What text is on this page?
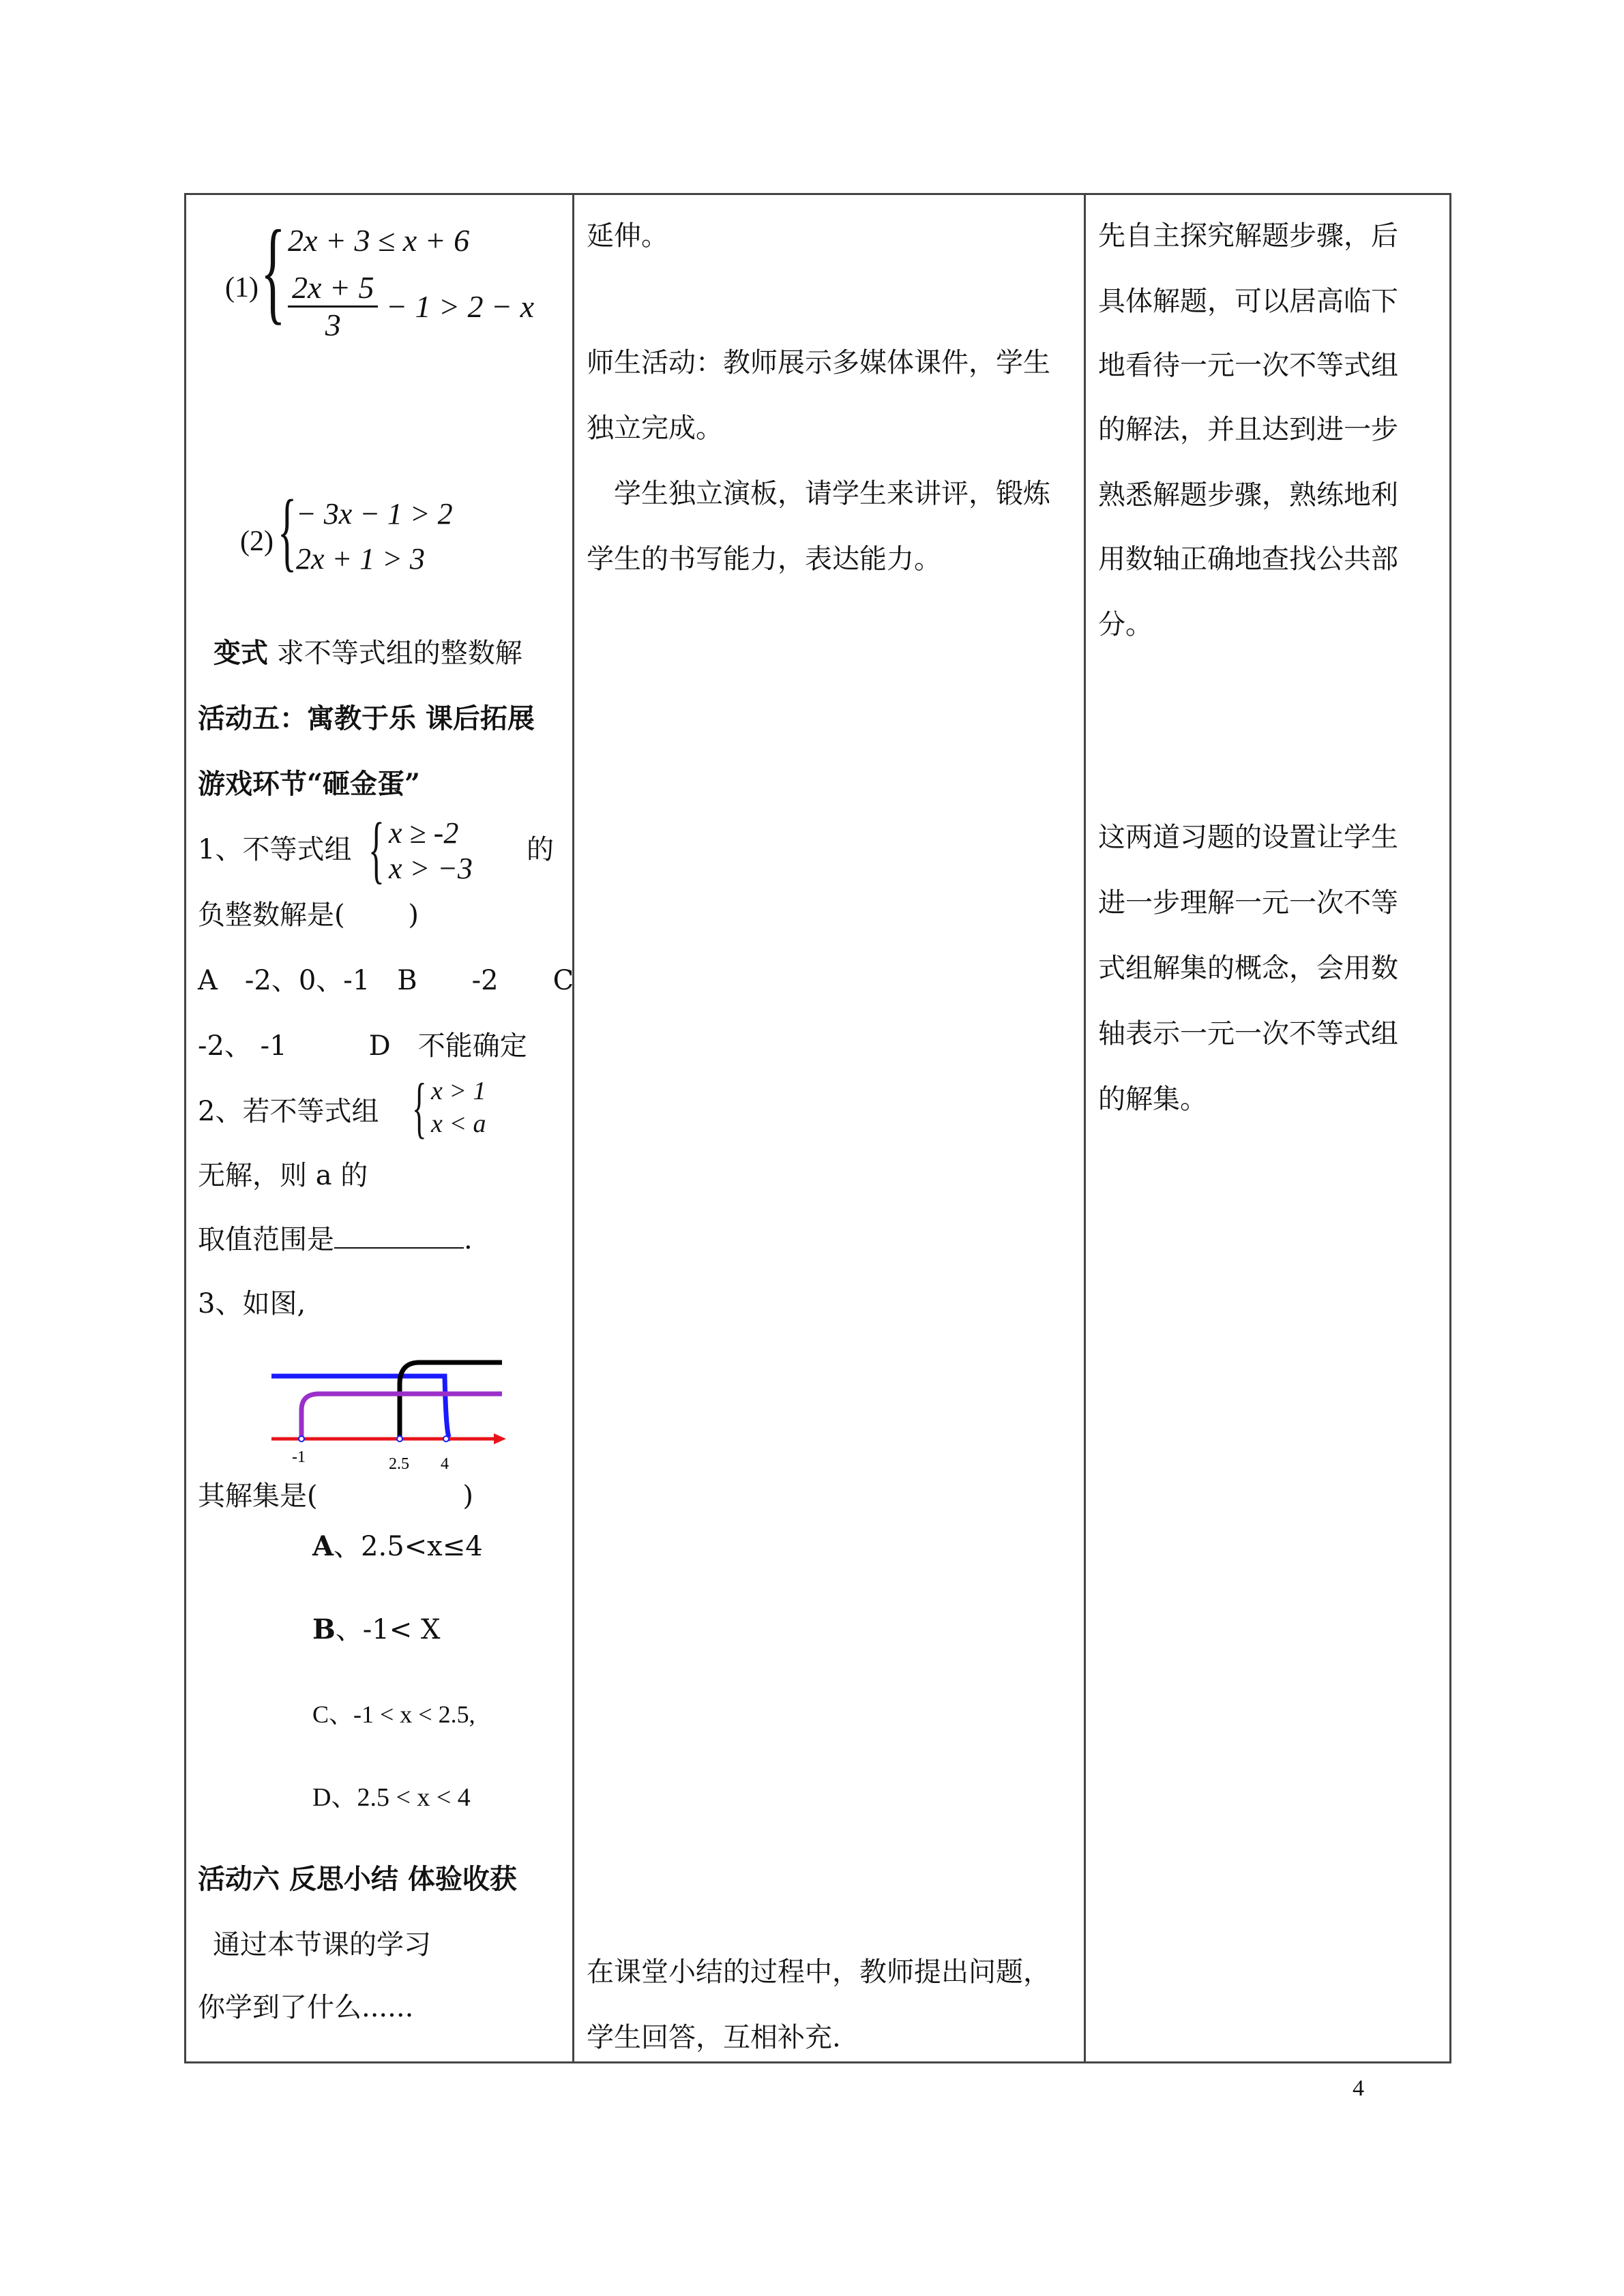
(1) { 2x + 3 ≤ x + 6
$\frac{2x + 5}{3} - 1 > 2 - x$
(2) {
− 3x − 1 > 2
2x + 1 > 3
变式 求不等式组的整数解
活动五：寓教于乐 课后拓展
游戏环节“砸金蛋”
1、不等式组 { x ≥ -2
x > −3
的
负整数解是(　　 )
A　-2、0、-1　B　　-2　　C
-2、 -1　　　D　不能确定
2、若不等式组 { x > 1
x < a
无解，则 a 的
取值范围是	.
3、如图,
-1	2.5 4
其解集是(　　　　　 )
A、2.5<x≤4
B、-1< X
C、-1 < x < 2.5,
D、2.5 < x < 4
活动六 反思小结 体验收获
通过本节课的学习
你学到了什么......
延伸。
师生活动：教师展示多媒体课件，学生
独立完成。
　学生独立演板，请学生来讲评，锻炼
学生的书写能力，表达能力。
在课堂小结的过程中，教师提出问题，
学生回答，互相补充.
先自主探究解题步骤，后
具体解题，可以居高临下
地看待一元一次不等式组
的解法，并且达到进一步
熟悉解题步骤，熟练地利
用数轴正确地查找公共部
分。
这两道习题的设置让学生
进一步理解一元一次不等
式组解集的概念，会用数
轴表示一元一次不等式组
的解集。
4
